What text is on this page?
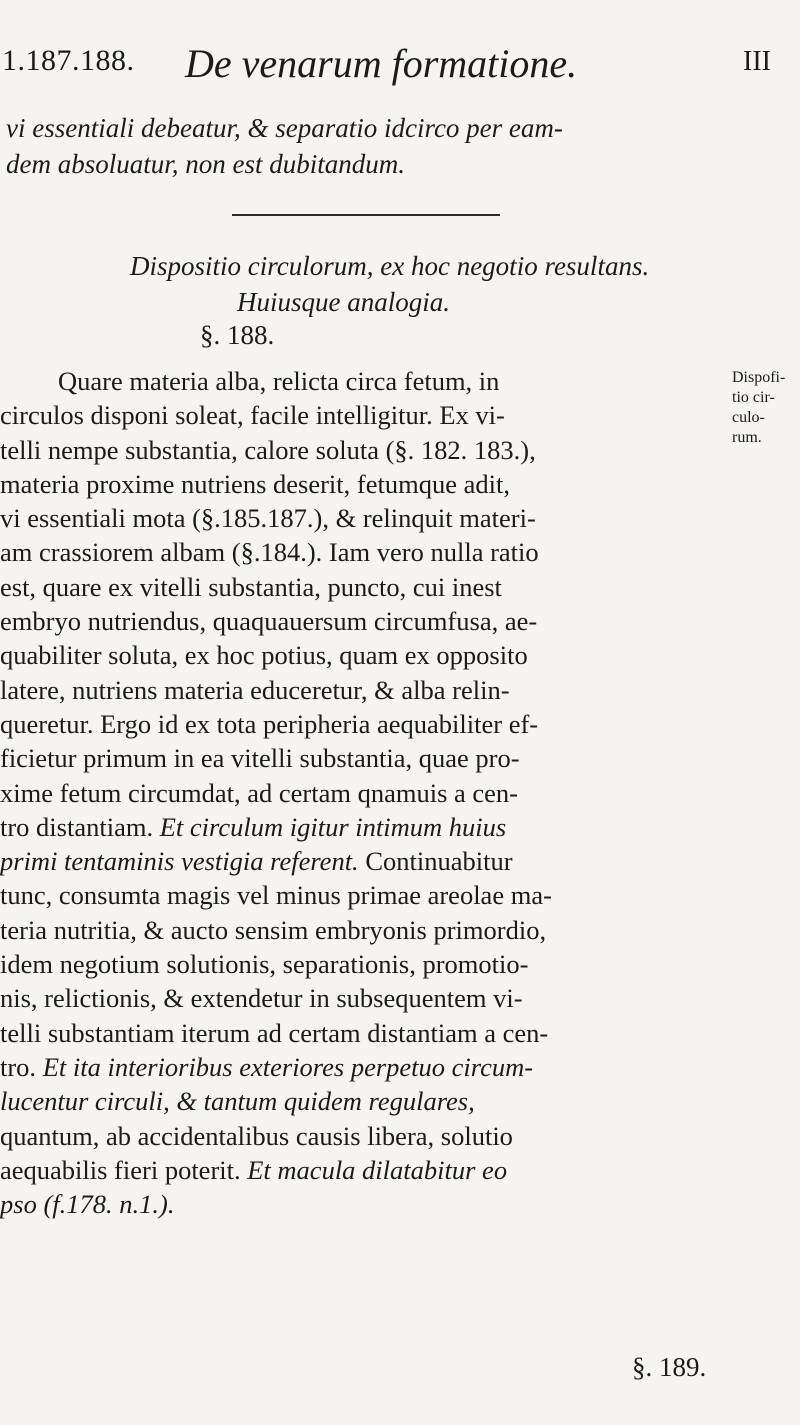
1.187.188. De venarum formatione.	III

vi essentiali debeatur, & separatio idcirco per eam-

dem absoluatur, non est dubitandum.

Dispositio circulorum, ex hoc negotio resultans.
Huiusque analogia.
§. 188.
Dispofi-
tio cir-
culo-
rum.

Quare materia alba, relicta circa fetum, in

circulos disponi soleat, facile intelligitur. Ex vi-

telli nempe substantia, calore soluta (§. 182. 183.),

materia proxime nutriens deserit, fetumque adit,

vi essentiali mota (§.185.187.), & relinquit materi-

am crassiorem albam (§.184.). Iam vero nulla ratio

est, quare ex vitelli substantia, puncto, cui inest

embryo nutriendus, quaquauersum circumfusa, ae-

quabiliter soluta, ex hoc potius, quam ex opposito

latere, nutriens materia educeretur, & alba relin-

queretur. Ergo id ex tota peripheria aequabiliter ef-

ficietur primum in ea vitelli substantia, quae pro-

xime fetum circumdat, ad certam qnamuis a cen-

tro distantiam. Et circulum igitur intimum huius

primi tentaminis vestigia referent. Continuabitur

tunc, consumta magis vel minus primae areolae ma-

teria nutritia, & aucto sensim embryonis primordio,

idem negotium solutionis, separationis, promotio-

nis, relictionis, & extendetur in subsequentem vi-

telli substantiam iterum ad certam distantiam a cen-

tro. Et ita interioribus exteriores perpetuo circum-

lucentur circuli, & tantum quidem regulares,

quantum, ab accidentalibus causis libera, solutio

aequabilis fieri poterit. Et macula dilatabitur eo

pso (f.178. n.1.).

§. 189.
